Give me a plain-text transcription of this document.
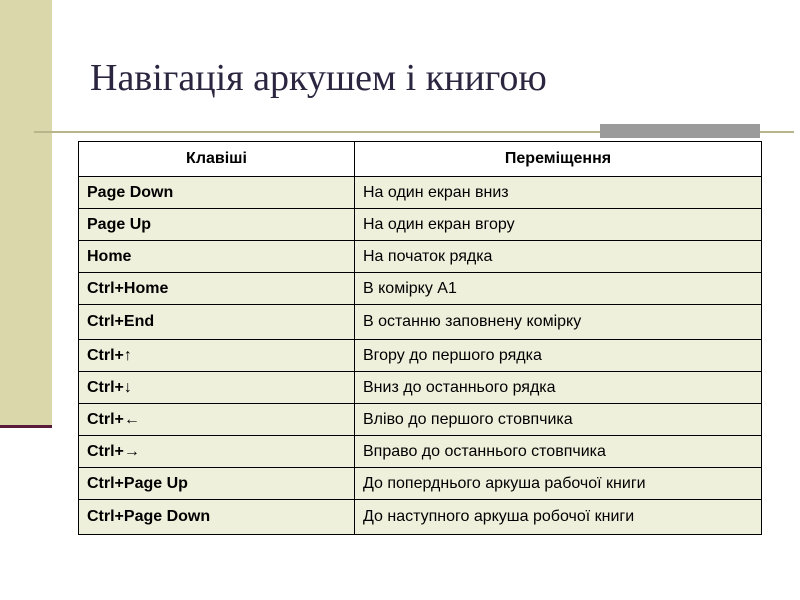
Навігація аркушем і книгою
Клавіші	Переміщення
Page Down	На один екран вниз
Page Up	На один екран вгору
Home	На початок рядка
Ctrl+Home	В комірку A1
Ctrl+End	В останню заповнену комірку
Ctrl+↑	Вгору до першого рядка
Ctrl+↓	Вниз до останнього рядка
Ctrl+←	Вліво до першого стовпчика
Ctrl+→	Вправо до останнього стовпчика
Ctrl+Page Up	До поперднього аркуша рабочої книги
Ctrl+Page Down	До наступного аркуша робочої книги
